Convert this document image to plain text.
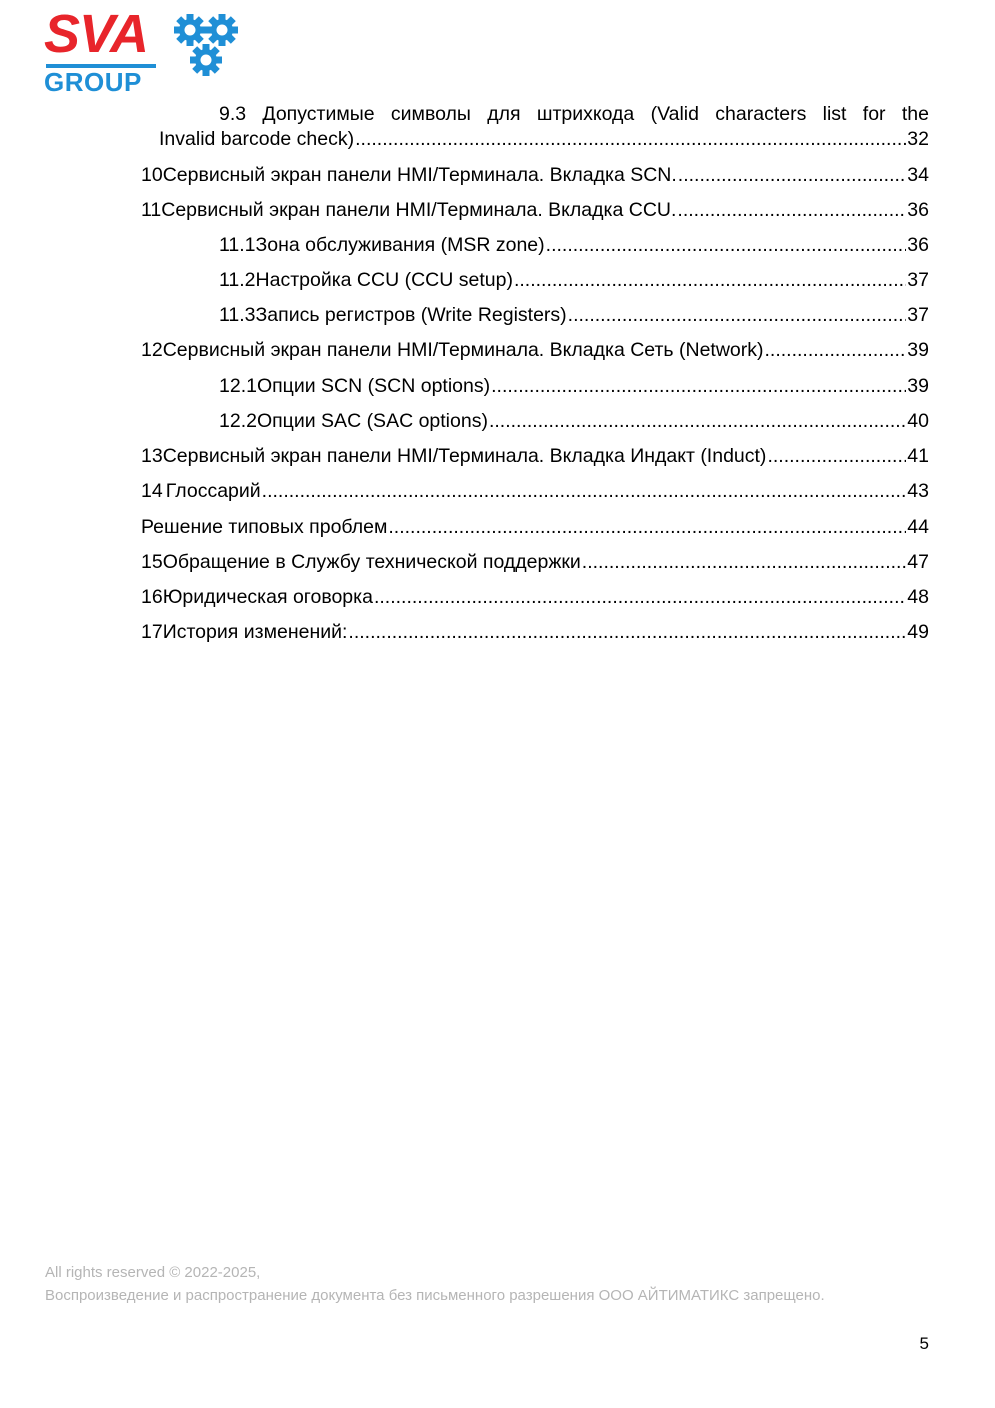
SVA
GROUP
9.3 Допустимые символы для штрихкода (Valid characters list for the
Invalid barcode check) .....	32
10 Сервисный экран панели HMI/Терминала. Вкладка SCN. .....	34
11 Сервисный экран панели HMI/Терминала. Вкладка CCU. .....	36
11.1 Зона обслуживания (MSR zone) .....	36
11.2 Настройка CCU (CCU setup) .....	37
11.3 Запись регистров (Write Registers) .....	37
12 Сервисный экран панели HMI/Терминала. Вкладка Сеть (Network) .....	39
12.1 Опции SCN (SCN options) .....	39
12.2 Опции SAC (SAC options) .....	40
13 Сервисный экран панели HMI/Терминала. Вкладка Индакт (Induct) .....	41
14 Глоссарий .....	43
Решение типовых проблем .....	44
15 Обращение в Службу технической поддержки .....	47
16 Юридическая оговорка .....	48
17 История изменений: .....	49
All rights reserved © 2022-2025,
Воспроизведение и распространение документа без письменного разрешения ООО АЙТИМАТИКС запрещено.
5
